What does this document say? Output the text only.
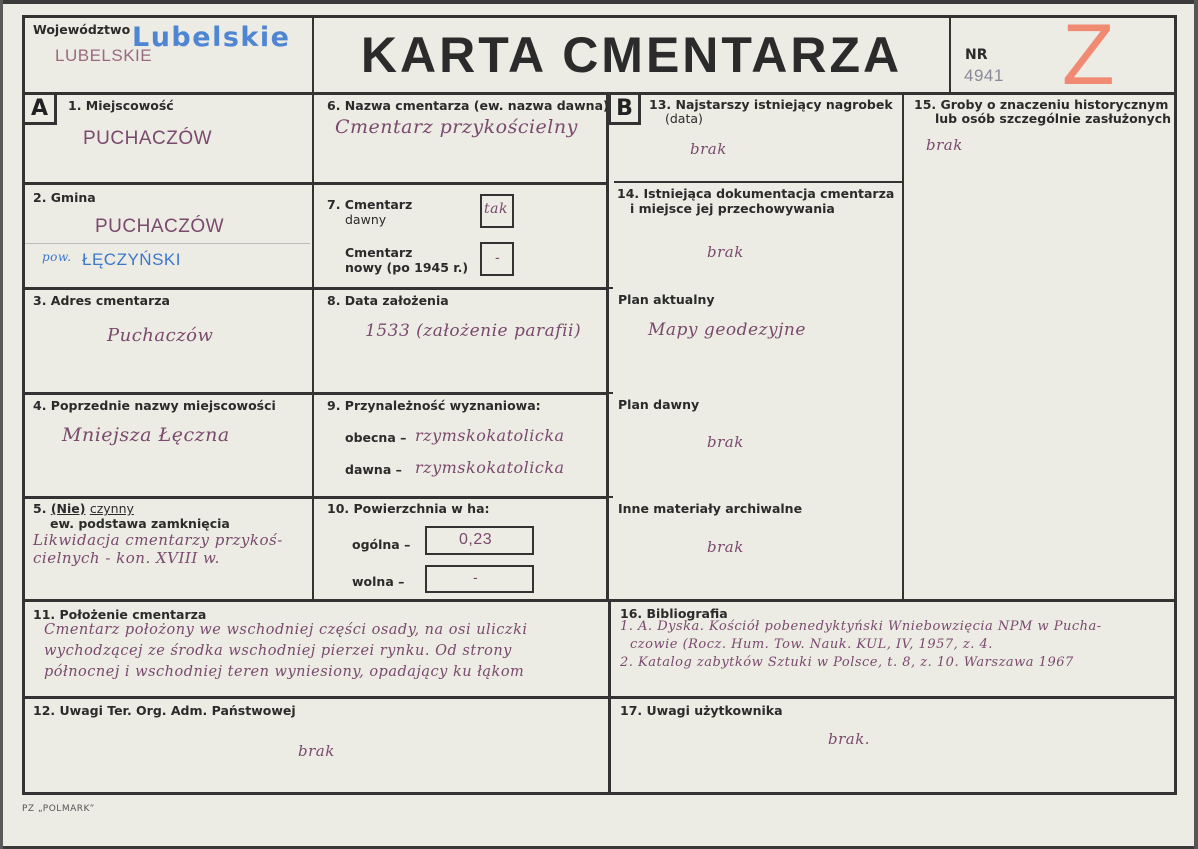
Województwo Lubelskie
LUBELSKIE	KARTA CMENTARZA	NR
4941 Z
A	1. Miejscowość
PUCHACZÓW
2. Gmina
PUCHACZÓW
pow. ŁĘCZYŃSKI
3. Adres cmentarza
Puchaczów
4. Poprzednie nazwy miejscowości
Mniejsza Łęczna
5. (Nie) czynny
ew. podstawa zamknięcia
Likwidacja cmentarzy przykoś-
cielnych - kon. XVIII w.
6. Nazwa cmentarza (ew. nazwa dawna)
Cmentarz przykościelny
7. Cmentarz
dawny
tak
Cmentarz
nowy (po 1945 r.)
-
8. Data założenia
1533 (założenie parafii)
9. Przynależność wyznaniowa:
obecna – rzymskokatolicka
dawna – rzymskokatolicka
10. Powierzchnia w ha:
ogólna –	0,23
wolna –	-
11. Położenie cmentarza
Cmentarz położony we wschodniej części osady, na osi uliczki
wychodzącej ze środka wschodniej pierzei rynku. Od strony
północnej i wschodniej teren wyniesiony, opadający ku łąkom
12. Uwagi Ter. Org. Adm. Państwowej
brak
B	13. Najstarszy istniejący nagrobek
(data)
brak
14. Istniejąca dokumentacja cmentarza
i miejsce jej przechowywania
brak
Plan aktualny
Mapy geodezyjne
Plan dawny
brak
Inne materiały archiwalne
brak
15. Groby o znaczeniu historycznym
lub osób szczególnie zasłużonych
brak
16. Bibliografia
1. A. Dyska. Kościół pobenedyktyński Wniebowzięcia NPM w Pucha-
czowie (Rocz. Hum. Tow. Nauk. KUL, IV, 1957, z. 4.
2. Katalog zabytków Sztuki w Polsce, t. 8, z. 10. Warszawa 1967
17. Uwagi użytkownika
brak.
PZ „POLMARK”
